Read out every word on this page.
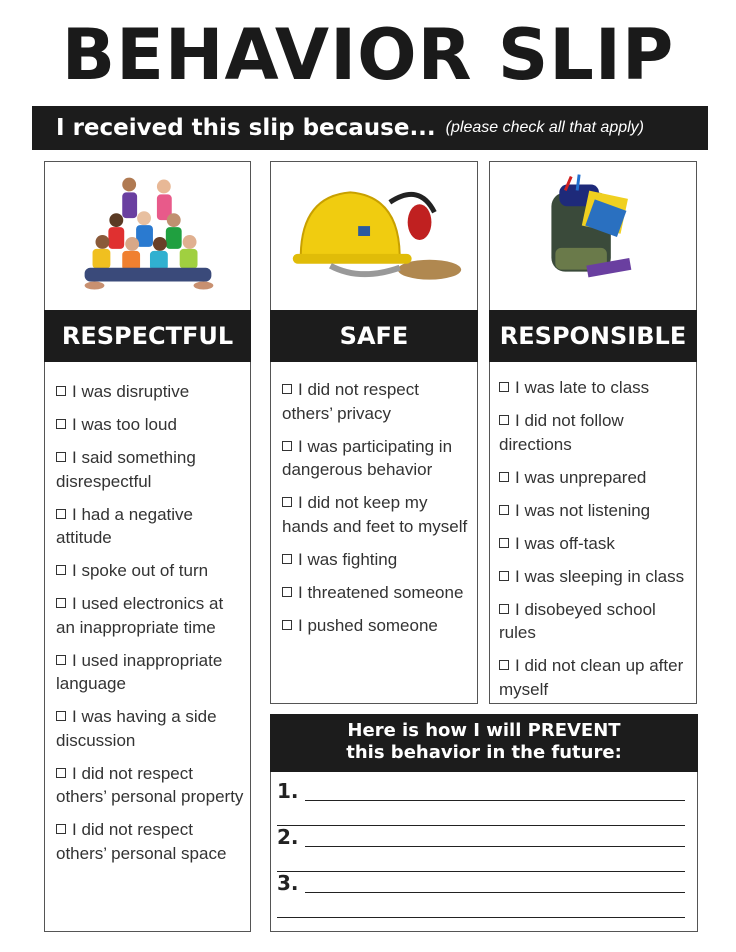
BEHAVIOR SLIP
I received this slip because... (please check all that apply)
RESPECTFUL
I was disruptive
I was too loud
I said something disrespectful
I had a negative attitude
I spoke out of turn
I used electronics at an inappropriate time
I used inappropriate language
I was having a side discussion
I did not respect others’ personal property
I did not respect others’ personal space
SAFE
I did not respect others’ privacy
I was participating in dangerous behavior
I did not keep my hands and feet to myself
I was fighting
I threatened someone
I pushed someone
RESPONSIBLE
I was late to class
I did not follow directions
I was unprepared
I was not listening
I was off-task
I was sleeping in class
I disobeyed school rules
I did not clean up after myself
Here is how I will PREVENT
this behavior in the future:
1.
2.
3.
